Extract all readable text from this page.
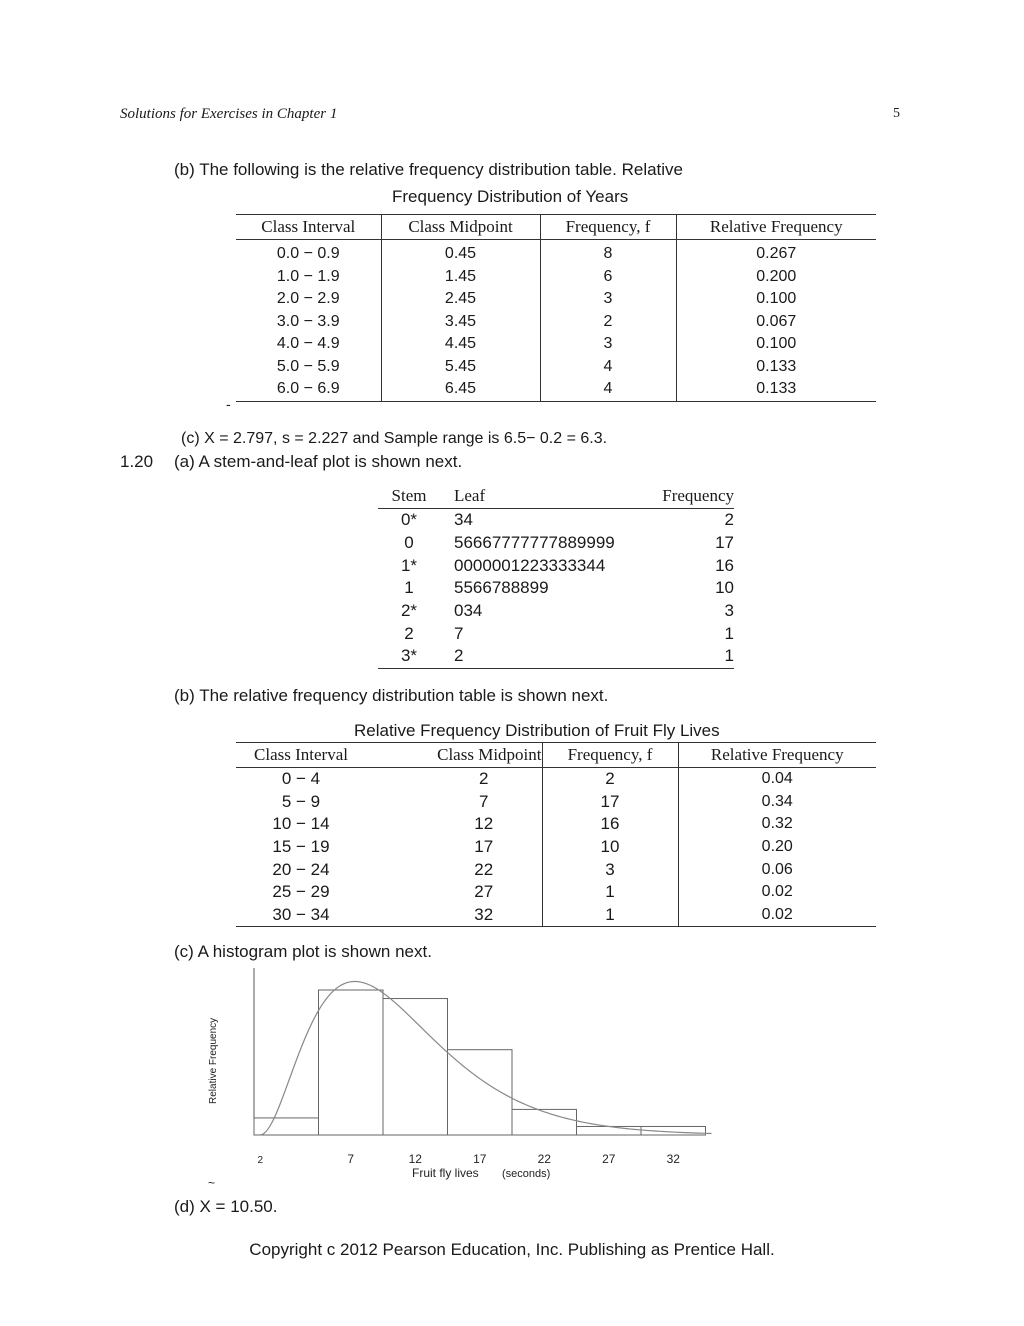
Solutions for Exercises in Chapter 1	5
(b) The following is the relative frequency distribution table. Relative
Frequency Distribution of Years
Class Interval	Class Midpoint	Frequency, f	Relative Frequency
0.0 − 0.9	0.45	8	0.267
1.0 − 1.9	1.45	6	0.200
2.0 − 2.9	2.45	3	0.100
3.0 − 3.9	3.45	2	0.067
4.0 − 4.9	4.45	3	0.100
5.0 − 5.9	5.45	4	0.133
6.0 − 6.9	6.45	4	0.133
-
(c) X = 2.797, s = 2.227 and Sample range is 6.5− 0.2 = 6.3.
1.20 (a) A stem-and-leaf plot is shown next.
Stem	Leaf	Frequency
0*	34	2
0	56667777777889999	17
1*	0000001223333344	16
1	5566788899	10
2*	034	3
2	7	1
3*	2	1
(b) The relative frequency distribution table is shown next.
Relative Frequency Distribution of Fruit Fly Lives
Class Interval	Class Midpoint	Frequency, f	Relative Frequency
0 − 4	2	2	0.04
5 − 9	7	17	0.34
10 − 14	12	16	0.32
15 − 19	17	10	0.20
20 − 24	22	3	0.06
25 − 29	27	1	0.02
30 − 34	32	1	0.02
(c) A histogram plot is shown next.
2	7	12	17	22	27	32
Fruit fly lives (seconds)
Relative Frequency
~
(d) X = 10.50.
Copyright c 2012 Pearson Education, Inc. Publishing as Prentice Hall.
